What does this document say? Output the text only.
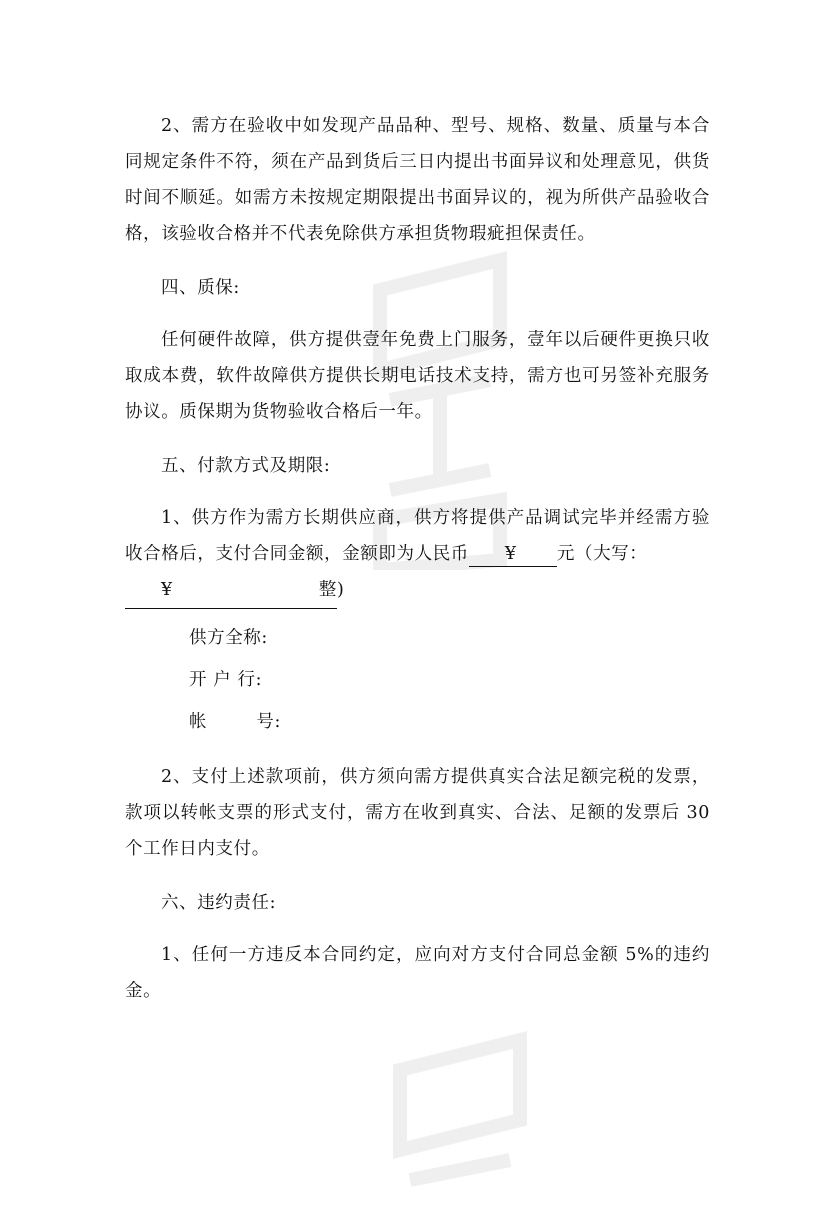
2、需方在验收中如发现产品品种、型号、规格、数量、质量与本合同规定条件不符，须在产品到货后三日内提出书面异议和处理意见，供货时间不顺延。如需方未按规定期限提出书面异议的，视为所供产品验收合格，该验收合格并不代表免除供方承担货物瑕疵担保责任。

四、质保:

任何硬件故障，供方提供壹年免费上门服务，壹年以后硬件更换只收取成本费，软件故障供方提供长期电话技术支持，需方也可另签补充服务协议。质保期为货物验收合格后一年。

五、付款方式及期限:

1、供方作为需方长期供应商，供方将提供产品调试完毕并经需方验收合格后，支付合同金额，金额即为人民币 ¥ 元（大写：
¥	整 )

供方全称:

开 户 行:

帐        号:

2、支付上述款项前，供方须向需方提供真实合法足额完税的发票，款项以转帐支票的形式支付，需方在收到真实、合法、足额的发票后 30 个工作日内支付。

六、违约责任:

1、任何一方违反本合同约定，应向对方支付合同总金额 5%的违约金。
